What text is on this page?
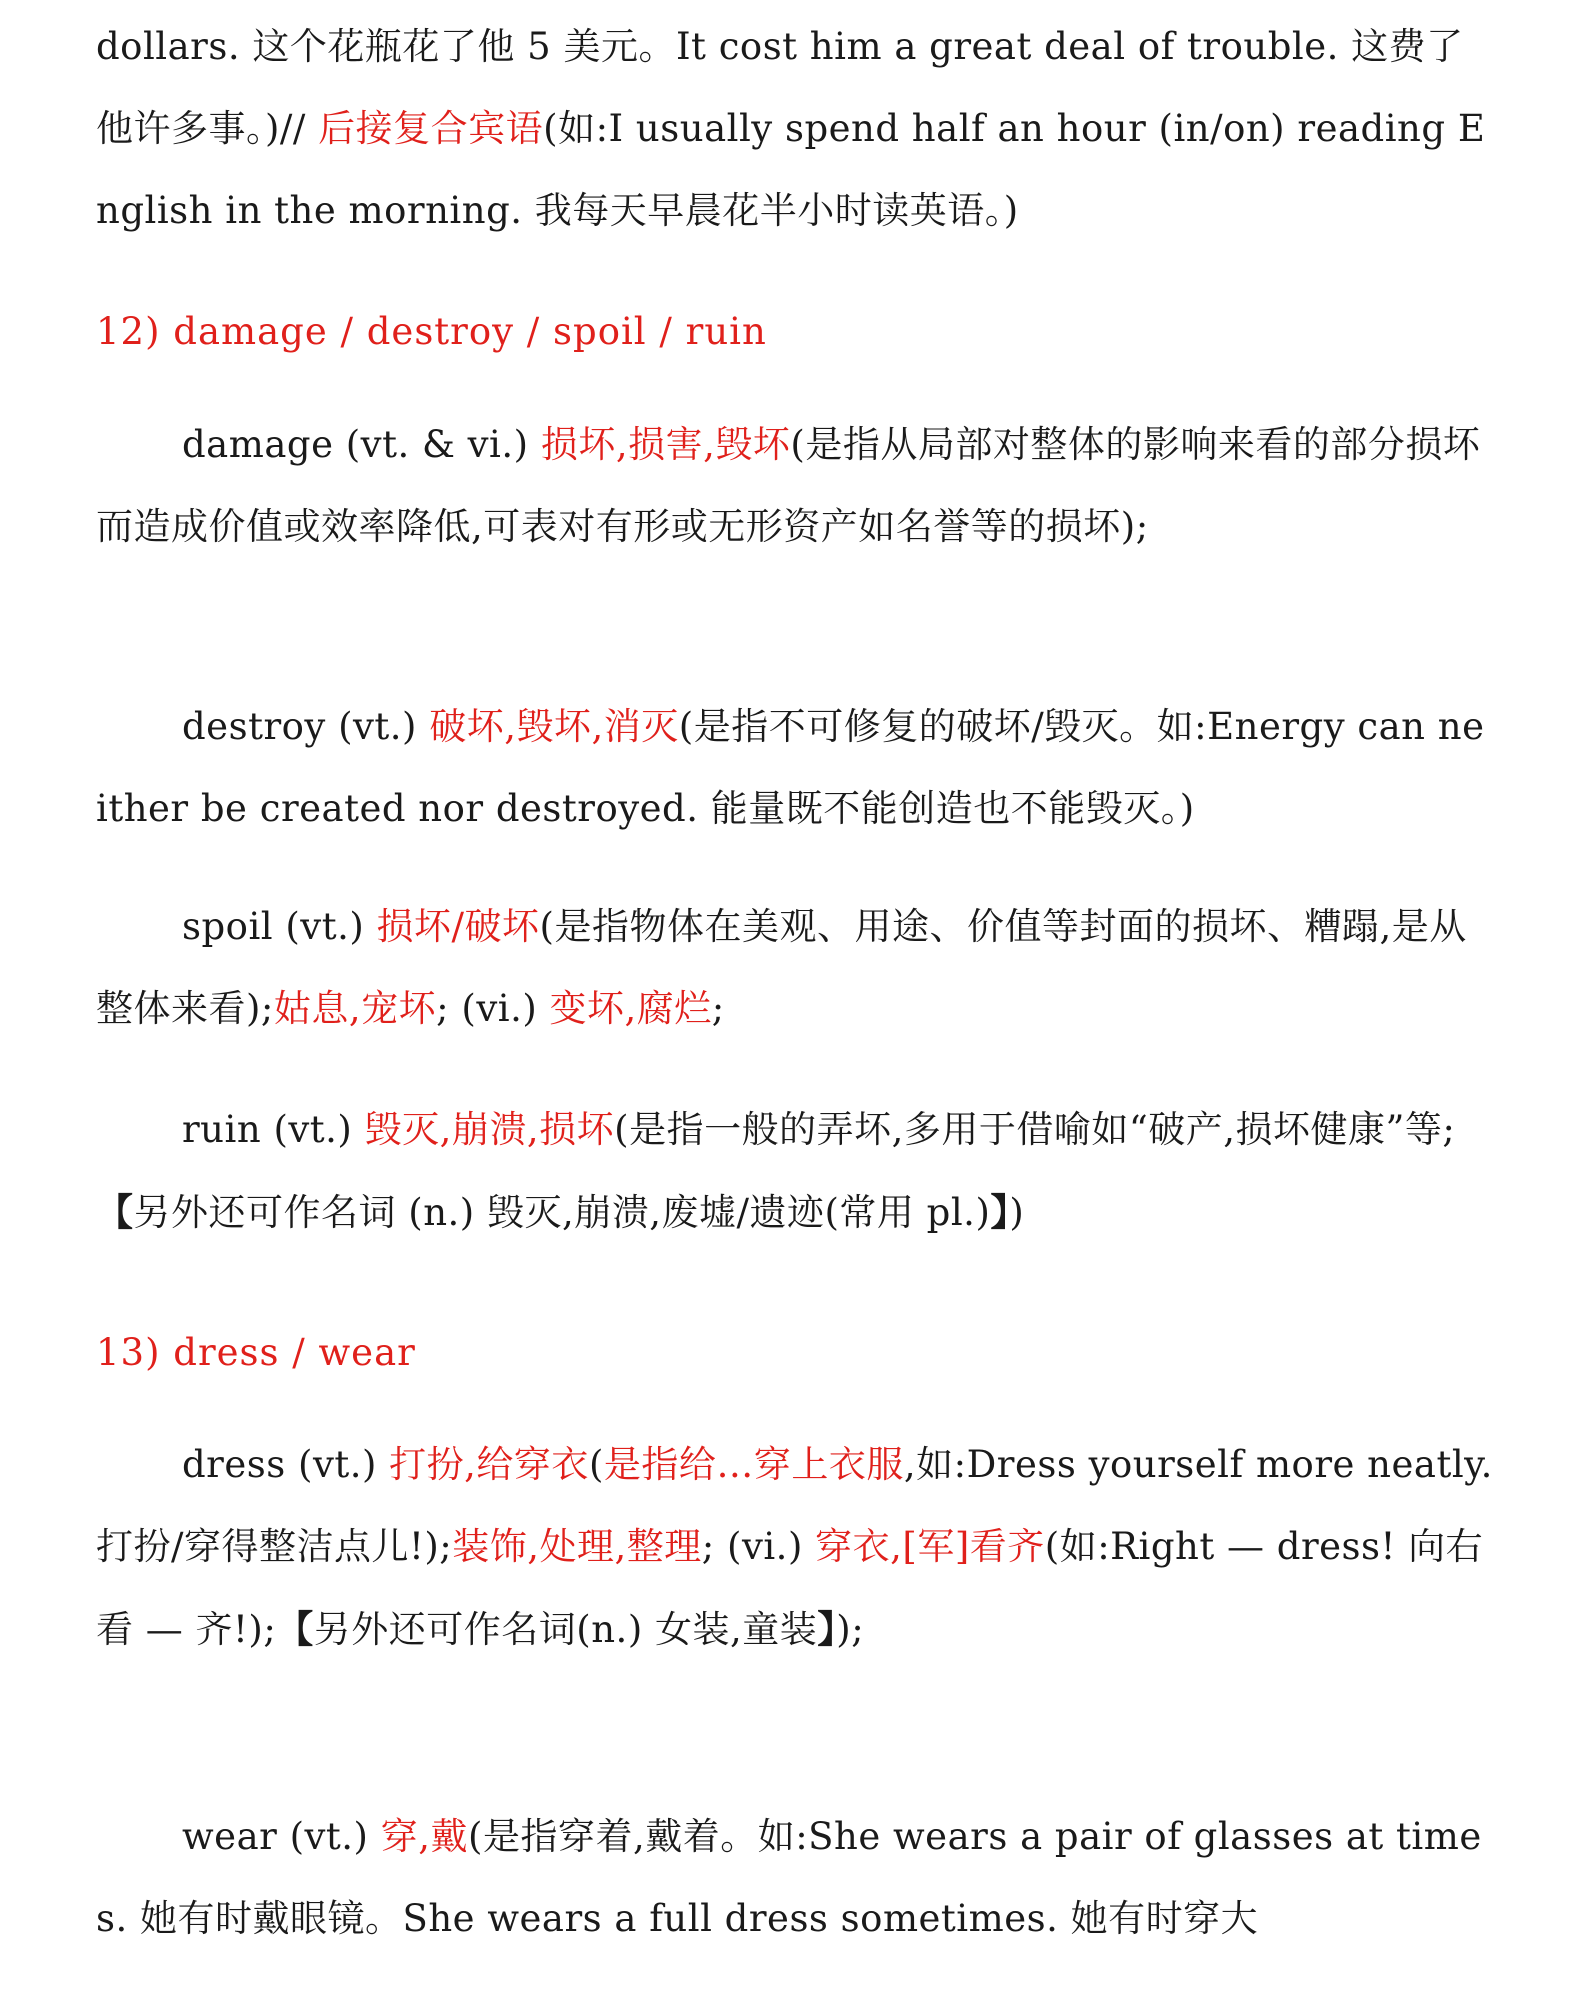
dollars. 这个花瓶花了他 5 美元。It cost him a great deal of trouble. 这费了他许多事。)// 后接复合宾语(如:I usually spend half an hour (in/on) reading English in the morning. 我每天早晨花半小时读英语。)
12) damage / destroy / spoil / ruin
damage (vt. & vi.) 损坏,损害,毁坏(是指从局部对整体的影响来看的部分损坏而造成价值或效率降低,可表对有形或无形资产如名誉等的损坏);
destroy (vt.) 破坏,毁坏,消灭(是指不可修复的破坏/毁灭。如:Energy can neither be created nor destroyed. 能量既不能创造也不能毁灭。)
spoil (vt.) 损坏/破坏(是指物体在美观、用途、价值等封面的损坏、糟蹋,是从整体来看);姑息,宠坏; (vi.) 变坏,腐烂;
ruin (vt.) 毁灭,崩溃,损坏(是指一般的弄坏,多用于借喻如“破产,损坏健康”等;【另外还可作名词 (n.) 毁灭,崩溃,废墟/遗迹(常用 pl.)】)
13) dress / wear
dress (vt.) 打扮,给穿衣(是指给…穿上衣服,如:Dress yourself more neatly. 打扮/穿得整洁点儿!);装饰,处理,整理; (vi.) 穿衣,[军]看齐(如:Right — dress! 向右看 — 齐!);【另外还可作名词(n.) 女装,童装】);
wear (vt.) 穿,戴(是指穿着,戴着。如:She wears a pair of glasses at times. 她有时戴眼镜。She wears a full dress sometimes. 她有时穿大
